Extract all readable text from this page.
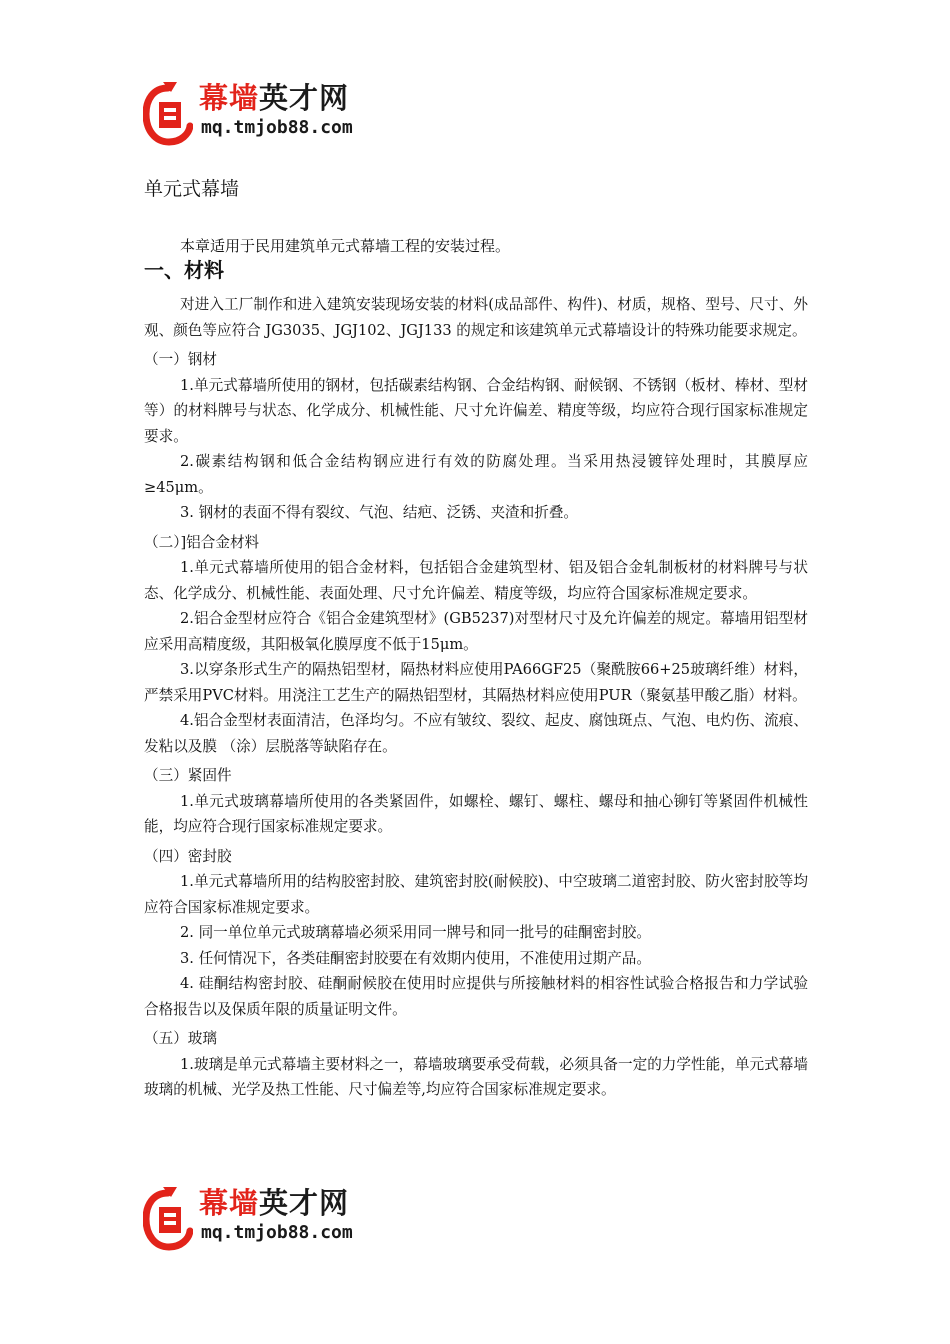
幕墙英才网
mq.tmjob88.com
单元式幕墙
本章适用于民用建筑单元式幕墙工程的安装过程。
一、材料

对进入工厂制作和进入建筑安装现场安装的材料(成品部件、构件)、材质，规格、型号、尺寸、外观、颜色等应符合 JG3035、JGJ102、JGJ133 的规定和该建筑单元式幕墙设计的特殊功能要求规定。

（一）钢材

1.单元式幕墙所使用的钢材，包括碳素结构钢、合金结构钢、耐候钢、不锈钢（板材、棒材、型材等）的材料牌号与状态、化学成分、机械性能、尺寸允许偏差、精度等级，均应符合现行国家标准规定要求。

2.碳素结构钢和低合金结构钢应进行有效的防腐处理。当采用热浸镀锌处理时，其膜厚应≥45μm。

3. 钢材的表面不得有裂纹、气泡、结疤、泛锈、夹渣和折叠。

（二）]铝合金材料

1.单元式幕墙所使用的铝合金材料，包括铝合金建筑型材、铝及铝合金轧制板材的材料牌号与状态、化学成分、机械性能、表面处理、尺寸允许偏差、精度等级，均应符合国家标准规定要求。

2.铝合金型材应符合《铝合金建筑型材》(GB5237)对型材尺寸及允许偏差的规定。幕墙用铝型材应采用高精度级，其阳极氧化膜厚度不低于15μm。

3.以穿条形式生产的隔热铝型材，隔热材料应使用PA66GF25（聚酰胺66+25玻璃纤维）材料，严禁采用PVC材料。用浇注工艺生产的隔热铝型材，其隔热材料应使用PUR（聚氨基甲酸乙脂）材料。

4.铝合金型材表面清洁，色泽均匀。不应有皱纹、裂纹、起皮、腐蚀斑点、气泡、电灼伤、流痕、发粘以及膜 （涂）层脱落等缺陷存在。

（三）紧固件

1.单元式玻璃幕墙所使用的各类紧固件，如螺栓、螺钉、螺柱、螺母和抽心铆钉等紧固件机械性能，均应符合现行国家标准规定要求。

（四）密封胶

1.单元式幕墙所用的结构胶密封胶、建筑密封胶(耐候胶)、中空玻璃二道密封胶、防火密封胶等均应符合国家标准规定要求。

2. 同一单位单元式玻璃幕墙必须采用同一牌号和同一批号的硅酮密封胶。

3. 任何情况下，各类硅酮密封胶要在有效期内使用，不准使用过期产品。

4. 硅酮结构密封胶、硅酮耐候胶在使用时应提供与所接触材料的相容性试验合格报告和力学试验合格报告以及保质年限的质量证明文件。

（五）玻璃

1.玻璃是单元式幕墙主要材料之一，幕墙玻璃要承受荷载，必须具备一定的力学性能，单元式幕墙玻璃的机械、光学及热工性能、尺寸偏差等,均应符合国家标准规定要求。

幕墙英才网
mq.tmjob88.com
